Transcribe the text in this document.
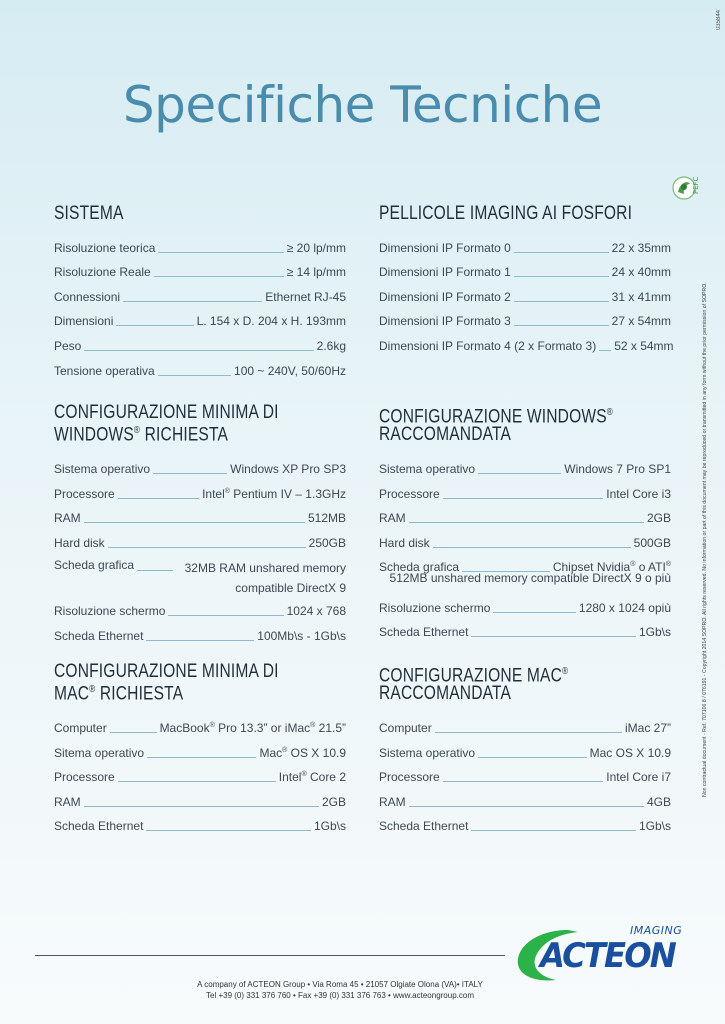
035844
Specifiche Tecniche
PEFC
Non contractual document - Ref. 707106 8 / 076191 - Copyright 2014 SOPRO. All rights reserved. No information or part of this document may be reproduced or transmitted in any form without the prior permission of SOPRO.
SISTEMA
Risoluzione teorica	≥ 20 lp/mm
Risoluzione Reale	≥ 14 lp/mm
Connessioni	Ethernet RJ-45
Dimensioni	L. 154 x D. 204 x H. 193mm
Peso	2.6kg
Tensione operativa	100 ~ 240V, 50/60Hz
CONFIGURAZIONE MINIMA DI
WINDOWS® RICHIESTA
Sistema operativo	Windows XP Pro SP3
Processore	Intel® Pentium IV – 1.3GHz
RAM	512MB
Hard disk	250GB
Scheda grafica	32MB RAM unshared memory compatible DirectX 9
Risoluzione schermo	1024 x 768
Scheda Ethernet	100Mb\s - 1Gb\s
CONFIGURAZIONE MINIMA DI
MAC® RICHIESTA
Computer	MacBook® Pro 13.3” or iMac® 21.5”
Sitema operativo	Mac® OS X 10.9
Processore	Intel® Core 2
RAM	2GB
Scheda Ethernet	1Gb\s
PELLICOLE IMAGING AI FOSFORI
Dimensioni IP Formato 0	22 x 35mm
Dimensioni IP Formato 1	24 x 40mm
Dimensioni IP Formato 2	31 x 41mm
Dimensioni IP Formato 3	27 x 54mm
Dimensioni IP Formato 4 (2 x Formato 3) 52 x 54mm
CONFIGURAZIONE WINDOWS®
RACCOMANDATA
Sistema operativo	Windows 7 Pro SP1
Processore	Intel Core i3
RAM	2GB
Hard disk	500GB
Scheda grafica	Chipset Nvidia® o ATI®
512MB unshared memory compatible DirectX 9 o più
Risoluzione schermo	1280 x 1024 opiù
Scheda Ethernet	1Gb\s
CONFIGURAZIONE MAC®
RACCOMANDATA
Computer	iMac 27”
Sistema operativo	Mac OS X 10.9
Processore	Intel Core i7
RAM	4GB
Scheda Ethernet	1Gb\s
A company of ACTEON Group • Via Roma 45 • 21057 Olgiate Olona (VA)• ITALY
Tel +39 (0) 331 376 760 • Fax +39 (0) 331 376 763 • www.acteongroup.com
IMAGING
ACTEON
